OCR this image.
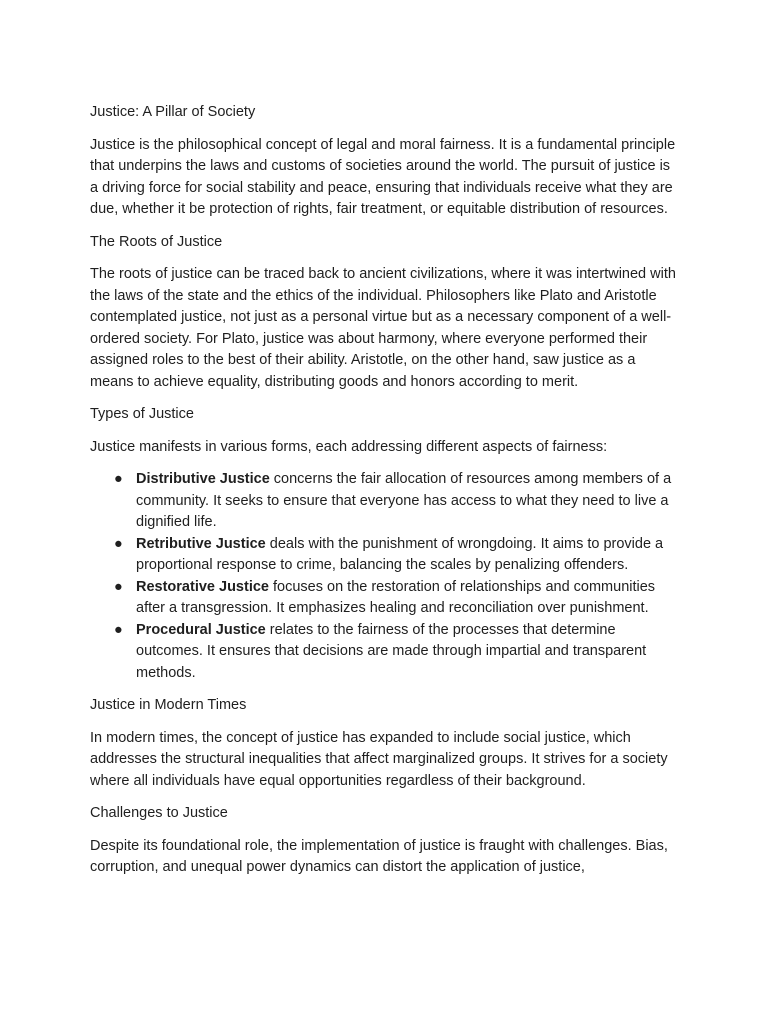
Justice: A Pillar of Society
Justice is the philosophical concept of legal and moral fairness. It is a fundamental principle that underpins the laws and customs of societies around the world. The pursuit of justice is a driving force for social stability and peace, ensuring that individuals receive what they are due, whether it be protection of rights, fair treatment, or equitable distribution of resources.
The Roots of Justice
The roots of justice can be traced back to ancient civilizations, where it was intertwined with the laws of the state and the ethics of the individual. Philosophers like Plato and Aristotle contemplated justice, not just as a personal virtue but as a necessary component of a well-ordered society. For Plato, justice was about harmony, where everyone performed their assigned roles to the best of their ability. Aristotle, on the other hand, saw justice as a means to achieve equality, distributing goods and honors according to merit.
Types of Justice
Justice manifests in various forms, each addressing different aspects of fairness:
● Distributive Justice concerns the fair allocation of resources among members of a community. It seeks to ensure that everyone has access to what they need to live a dignified life.
● Retributive Justice deals with the punishment of wrongdoing. It aims to provide a proportional response to crime, balancing the scales by penalizing offenders.
● Restorative Justice focuses on the restoration of relationships and communities after a transgression. It emphasizes healing and reconciliation over punishment.
● Procedural Justice relates to the fairness of the processes that determine outcomes. It ensures that decisions are made through impartial and transparent methods.
Justice in Modern Times
In modern times, the concept of justice has expanded to include social justice, which addresses the structural inequalities that affect marginalized groups. It strives for a society where all individuals have equal opportunities regardless of their background.
Challenges to Justice
Despite its foundational role, the implementation of justice is fraught with challenges. Bias, corruption, and unequal power dynamics can distort the application of justice,
